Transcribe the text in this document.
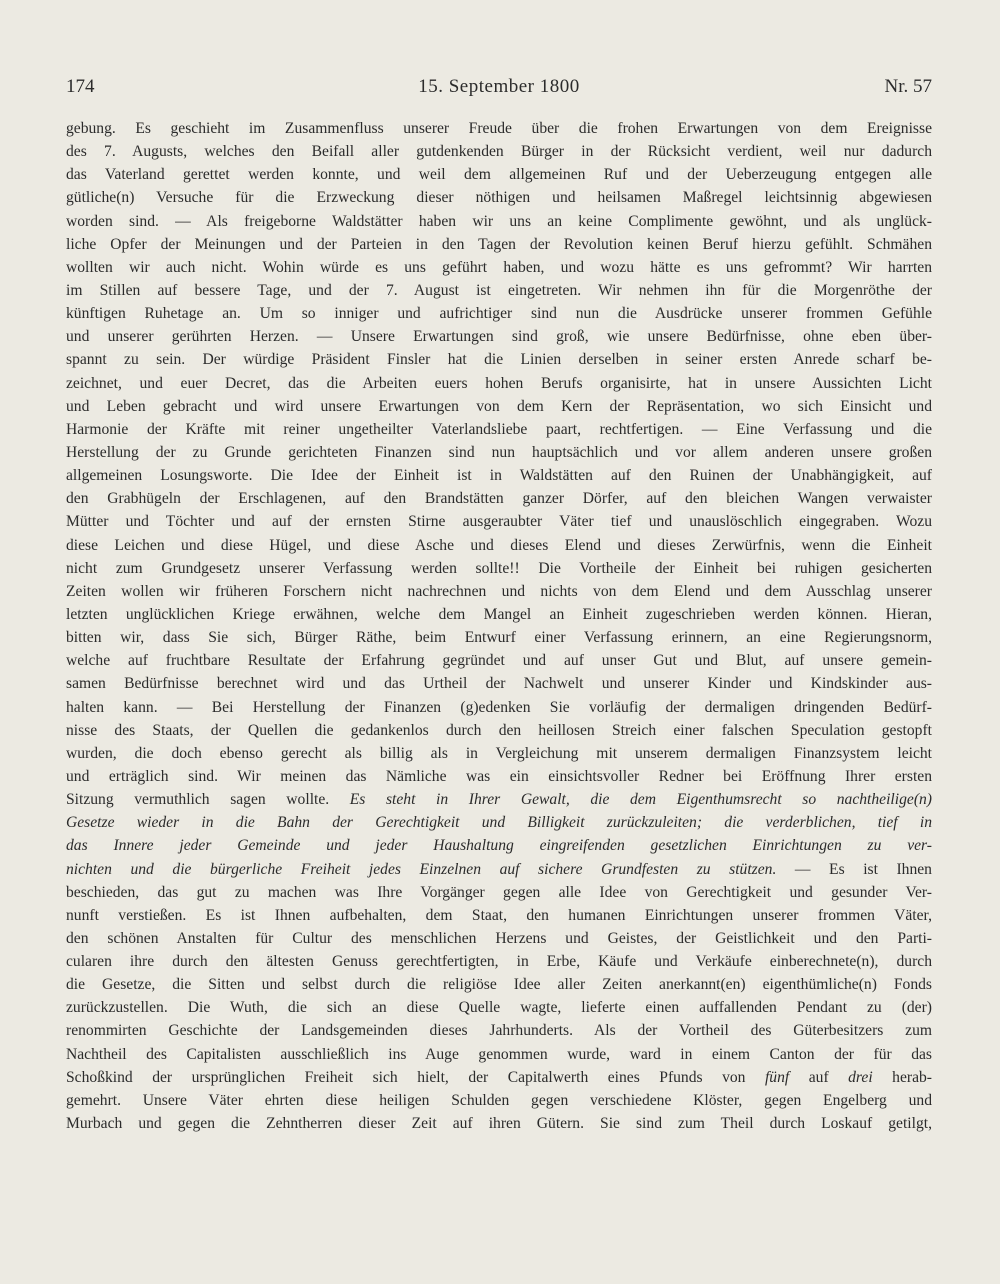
174	15. September 1800	Nr. 57
gebung. Es geschieht im Zusammenfluss unserer Freude über die frohen Erwartungen von dem Ereignisse
des 7. Augusts, welches den Beifall aller gutdenkenden Bürger in der Rücksicht verdient, weil nur dadurch
das Vaterland gerettet werden konnte, und weil dem allgemeinen Ruf und der Ueberzeugung entgegen alle
gütliche(n) Versuche für die Erzweckung dieser nöthigen und heilsamen Maßregel leichtsinnig abgewiesen
worden sind. — Als freigeborne Waldstätter haben wir uns an keine Complimente gewöhnt, und als unglück-
liche Opfer der Meinungen und der Parteien in den Tagen der Revolution keinen Beruf hierzu gefühlt. Schmähen
wollten wir auch nicht. Wohin würde es uns geführt haben, und wozu hätte es uns gefrommt? Wir harrten
im Stillen auf bessere Tage, und der 7. August ist eingetreten. Wir nehmen ihn für die Morgenröthe der
künftigen Ruhetage an. Um so inniger und aufrichtiger sind nun die Ausdrücke unserer frommen Gefühle
und unserer gerührten Herzen. — Unsere Erwartungen sind groß, wie unsere Bedürfnisse, ohne eben über-
spannt zu sein. Der würdige Präsident Finsler hat die Linien derselben in seiner ersten Anrede scharf be-
zeichnet, und euer Decret, das die Arbeiten euers hohen Berufs organisirte, hat in unsere Aussichten Licht
und Leben gebracht und wird unsere Erwartungen von dem Kern der Repräsentation, wo sich Einsicht und
Harmonie der Kräfte mit reiner ungetheilter Vaterlandsliebe paart, rechtfertigen. — Eine Verfassung und die
Herstellung der zu Grunde gerichteten Finanzen sind nun hauptsächlich und vor allem anderen unsere großen
allgemeinen Losungsworte. Die Idee der Einheit ist in Waldstätten auf den Ruinen der Unabhängigkeit, auf
den Grabhügeln der Erschlagenen, auf den Brandstätten ganzer Dörfer, auf den bleichen Wangen verwaister
Mütter und Töchter und auf der ernsten Stirne ausgeraubter Väter tief und unauslöschlich eingegraben. Wozu
diese Leichen und diese Hügel, und diese Asche und dieses Elend und dieses Zerwürfnis, wenn die Einheit
nicht zum Grundgesetz unserer Verfassung werden sollte!! Die Vortheile der Einheit bei ruhigen gesicherten
Zeiten wollen wir früheren Forschern nicht nachrechnen und nichts von dem Elend und dem Ausschlag unserer
letzten unglücklichen Kriege erwähnen, welche dem Mangel an Einheit zugeschrieben werden können. Hieran,
bitten wir, dass Sie sich, Bürger Räthe, beim Entwurf einer Verfassung erinnern, an eine Regierungsnorm,
welche auf fruchtbare Resultate der Erfahrung gegründet und auf unser Gut und Blut, auf unsere gemein-
samen Bedürfnisse berechnet wird und das Urtheil der Nachwelt und unserer Kinder und Kindskinder aus-
halten kann. — Bei Herstellung der Finanzen (g)edenken Sie vorläufig der dermaligen dringenden Bedürf-
nisse des Staats, der Quellen die gedankenlos durch den heillosen Streich einer falschen Speculation gestopft
wurden, die doch ebenso gerecht als billig als in Vergleichung mit unserem dermaligen Finanzsystem leicht
und erträglich sind. Wir meinen das Nämliche was ein einsichtsvoller Redner bei Eröffnung Ihrer ersten
Sitzung vermuthlich sagen wollte. Es steht in Ihrer Gewalt, die dem Eigenthumsrecht so nachtheilige(n)
Gesetze wieder in die Bahn der Gerechtigkeit und Billigkeit zurückzuleiten; die verderblichen, tief in
das Innere jeder Gemeinde und jeder Haushaltung eingreifenden gesetzlichen Einrichtungen zu ver-
nichten und die bürgerliche Freiheit jedes Einzelnen auf sichere Grundfesten zu stützen. — Es ist Ihnen
beschieden, das gut zu machen was Ihre Vorgänger gegen alle Idee von Gerechtigkeit und gesunder Ver-
nunft verstießen. Es ist Ihnen aufbehalten, dem Staat, den humanen Einrichtungen unserer frommen Väter,
den schönen Anstalten für Cultur des menschlichen Herzens und Geistes, der Geistlichkeit und den Parti-
cularen ihre durch den ältesten Genuss gerechtfertigten, in Erbe, Käufe und Verkäufe einberechnete(n), durch
die Gesetze, die Sitten und selbst durch die religiöse Idee aller Zeiten anerkannt(en) eigenthümliche(n) Fonds
zurückzustellen. Die Wuth, die sich an diese Quelle wagte, lieferte einen auffallenden Pendant zu (der)
renommirten Geschichte der Landsgemeinden dieses Jahrhunderts. Als der Vortheil des Güterbesitzers zum
Nachtheil des Capitalisten ausschließlich ins Auge genommen wurde, ward in einem Canton der für das
Schoßkind der ursprünglichen Freiheit sich hielt, der Capitalwerth eines Pfunds von fünf auf drei herab-
gemehrt. Unsere Väter ehrten diese heiligen Schulden gegen verschiedene Klöster, gegen Engelberg und
Murbach und gegen die Zehntherren dieser Zeit auf ihren Gütern. Sie sind zum Theil durch Loskauf getilgt,
